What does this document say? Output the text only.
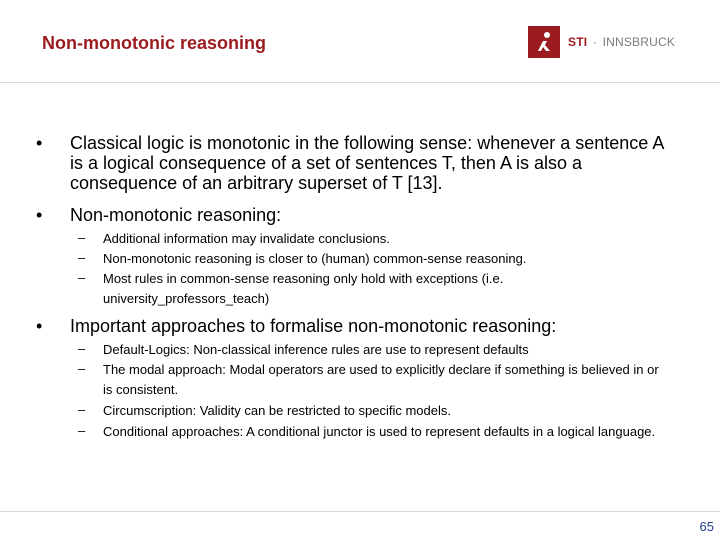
Non-monotonic reasoning	STI · INNSBRUCK
• Classical logic is monotonic in the following sense: whenever a sentence A is a logical consequence of a set of sentences T, then A is also a consequence of an arbitrary superset of T [13].
• Non-monotonic reasoning:
– Additional information may invalidate conclusions.
– Non-monotonic reasoning is closer to (human) common-sense reasoning.
– Most rules in common-sense reasoning only hold with exceptions (i.e. university_professors_teach)
• Important approaches to formalise non-monotonic reasoning:
– Default-Logics: Non-classical inference rules are use to represent defaults
– The modal approach: Modal operators are used to explicitly declare if something is believed in or is consistent.
– Circumscription: Validity can be restricted to specific models.
– Conditional approaches: A conditional junctor is used to represent defaults in a logical language.
65
